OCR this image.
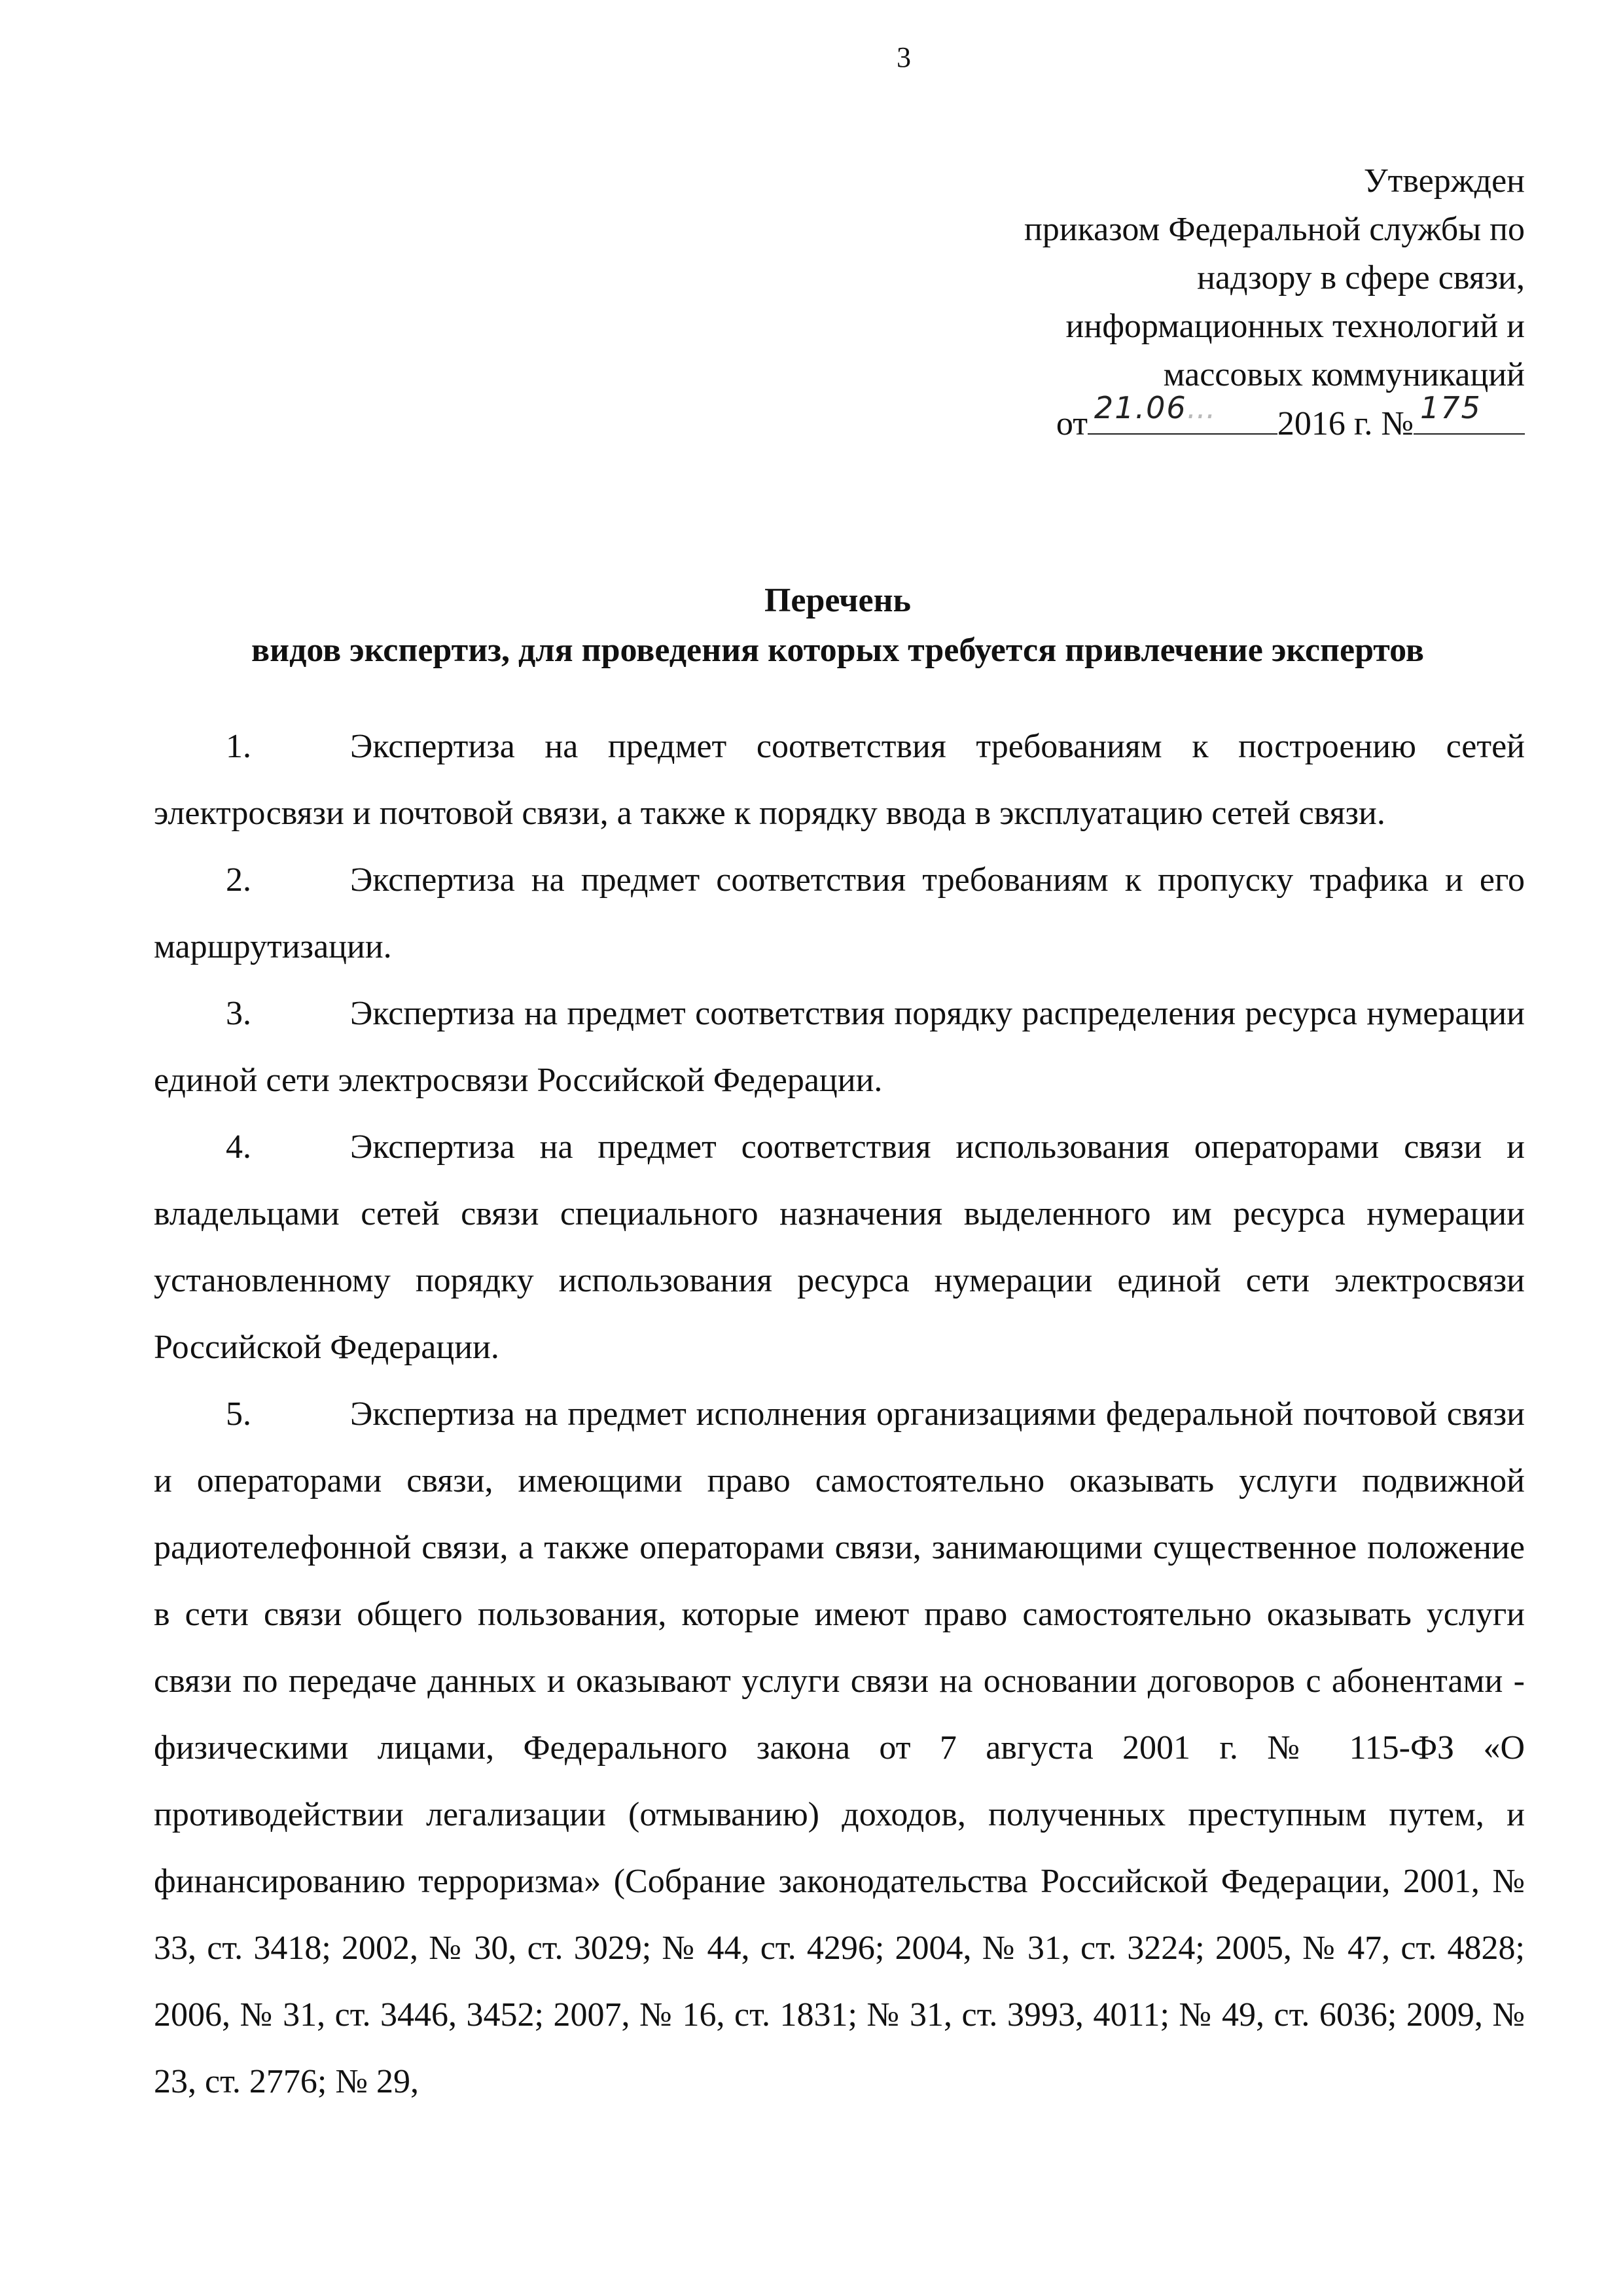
3
Утвержден
приказом Федеральной службы по
надзору в сфере связи,
информационных технологий и
массовых коммуникаций
от 21.06... 2016 г. № 175
Перечень
видов экспертиз, для проведения которых требуется привлечение экспертов

1.	Экспертиза на предмет соответствия требованиям к построению сетей электросвязи и почтовой связи, а также к порядку ввода в эксплуатацию сетей связи.

2.	Экспертиза на предмет соответствия требованиям к пропуску трафика и его маршрутизации.

3.	Экспертиза на предмет соответствия порядку распределения ресурса нумерации единой сети электросвязи Российской Федерации.

4.	Экспертиза на предмет соответствия использования операторами связи и владельцами сетей связи специального назначения выделенного им ресурса нумерации установленному порядку использования ресурса нумерации единой сети электросвязи Российской Федерации.

5.	Экспертиза на предмет исполнения организациями федеральной почтовой связи и операторами связи, имеющими право самостоятельно оказывать услуги подвижной радиотелефонной связи, а также операторами связи, занимающими существенное положение в сети связи общего пользования, которые имеют право самостоятельно оказывать услуги связи по передаче данных и оказывают услуги связи на основании договоров с абонентами - физическими лицами, Федерального закона от 7 августа 2001 г. № 115-ФЗ «О противодействии легализации (отмыванию) доходов, полученных преступным путем, и финансированию терроризма» (Собрание законодательства Российской Федерации, 2001, № 33, ст. 3418; 2002, № 30, ст. 3029; № 44, ст. 4296; 2004, № 31, ст. 3224; 2005, № 47, ст. 4828; 2006, № 31, ст. 3446, 3452; 2007, № 16, ст. 1831; № 31, ст. 3993, 4011; № 49, ст. 6036; 2009, № 23, ст. 2776; № 29,
